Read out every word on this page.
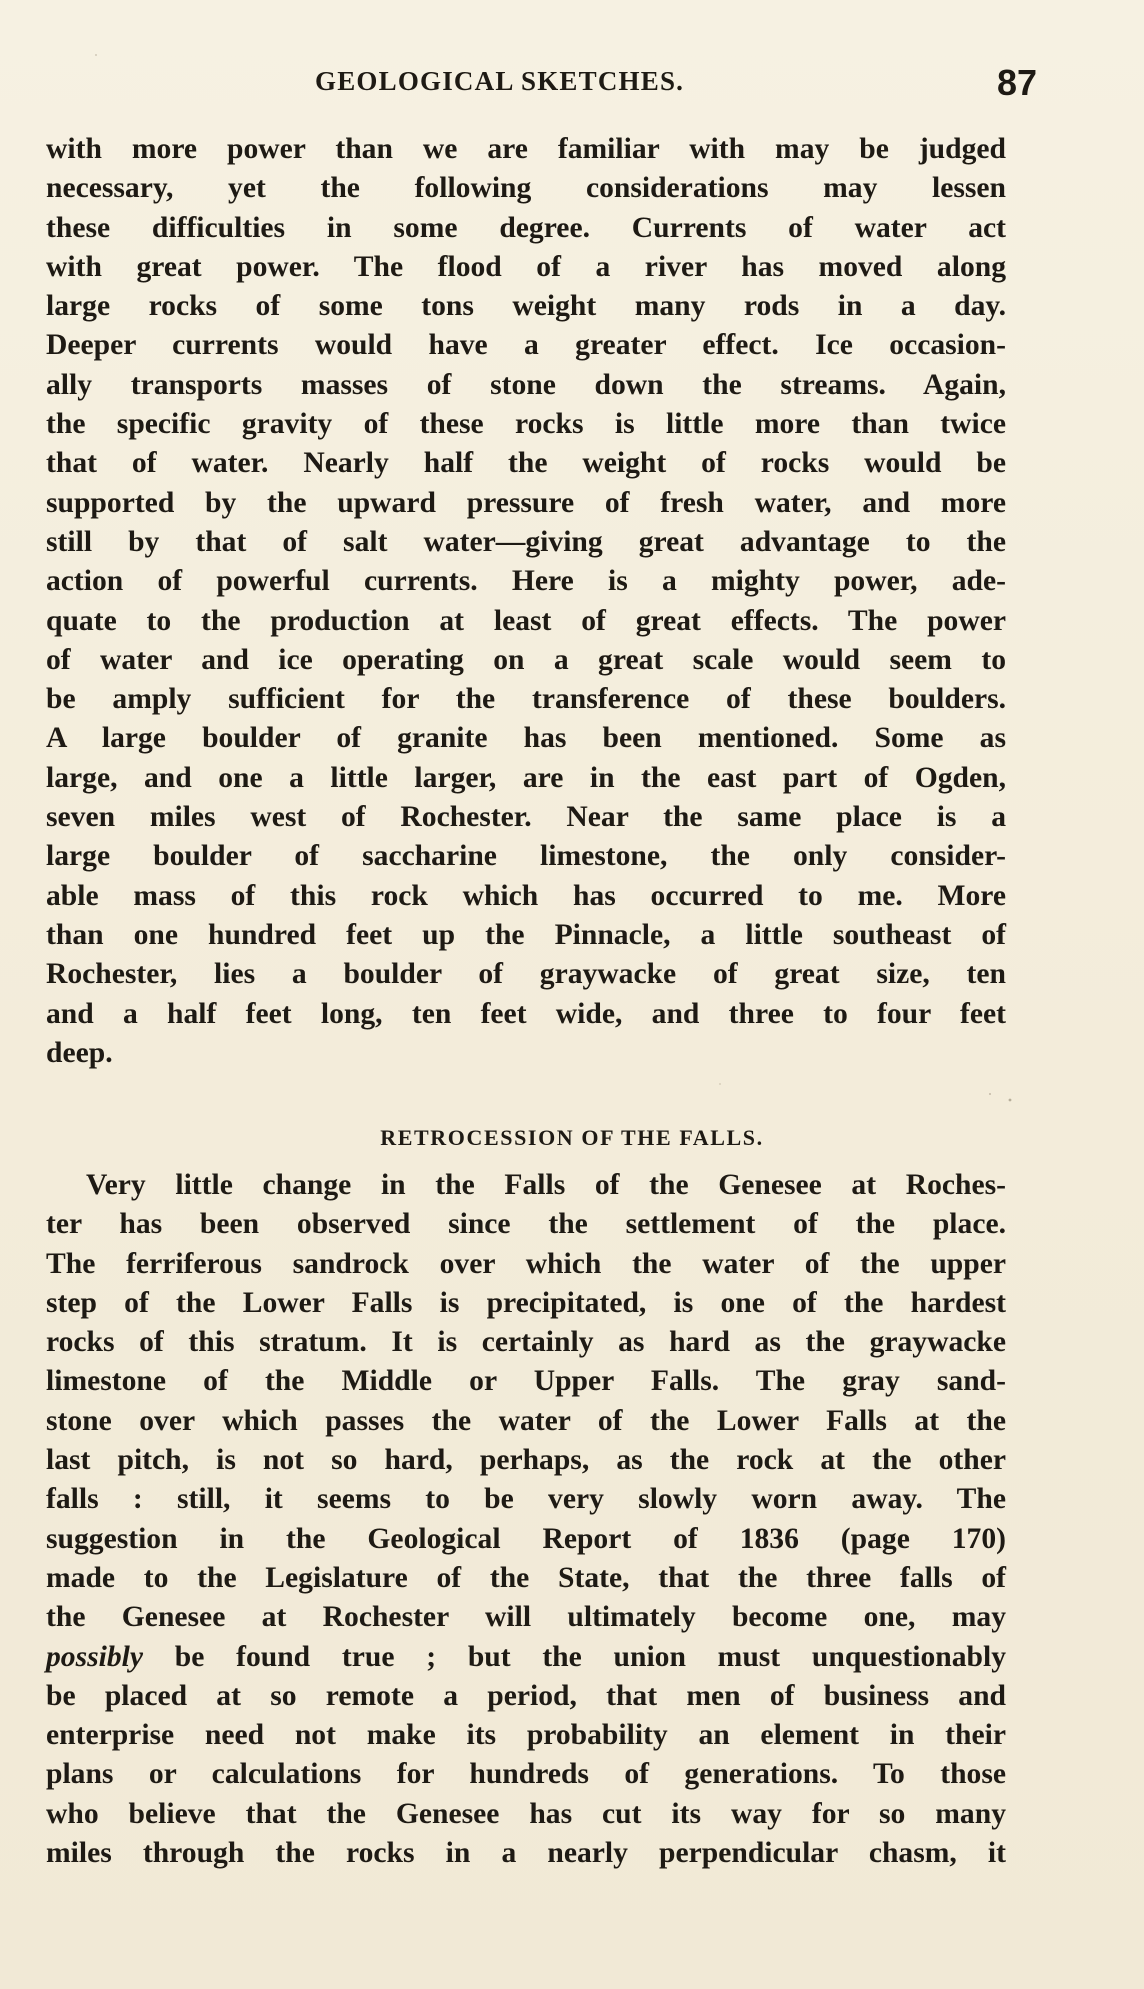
GEOLOGICAL SKETCHES.	87
with more power than we are familiar with may be judged
necessary, yet the following considerations may lessen
these difficulties in some degree. Currents of water act
with great power. The flood of a river has moved along
large rocks of some tons weight many rods in a day.
Deeper currents would have a greater effect. Ice occasion-
ally transports masses of stone down the streams. Again,
the specific gravity of these rocks is little more than twice
that of water. Nearly half the weight of rocks would be
supported by the upward pressure of fresh water, and more
still by that of salt water—giving great advantage to the
action of powerful currents. Here is a mighty power, ade-
quate to the production at least of great effects. The power
of water and ice operating on a great scale would seem to
be amply sufficient for the transference of these boulders.
A large boulder of granite has been mentioned. Some as
large, and one a little larger, are in the east part of Ogden,
seven miles west of Rochester. Near the same place is a
large boulder of saccharine limestone, the only consider-
able mass of this rock which has occurred to me. More
than one hundred feet up the Pinnacle, a little southeast of
Rochester, lies a boulder of graywacke of great size, ten
and a half feet long, ten feet wide, and three to four feet
deep.
RETROCESSION OF THE FALLS.
Very little change in the Falls of the Genesee at Roches-
ter has been observed since the settlement of the place.
The ferriferous sandrock over which the water of the upper
step of the Lower Falls is precipitated, is one of the hardest
rocks of this stratum. It is certainly as hard as the graywacke
limestone of the Middle or Upper Falls. The gray sand-
stone over which passes the water of the Lower Falls at the
last pitch, is not so hard, perhaps, as the rock at the other
falls : still, it seems to be very slowly worn away. The
suggestion in the Geological Report of 1836 (page 170)
made to the Legislature of the State, that the three falls of
the Genesee at Rochester will ultimately become one, may
possibly be found true ; but the union must unquestionably
be placed at so remote a period, that men of business and
enterprise need not make its probability an element in their
plans or calculations for hundreds of generations. To those
who believe that the Genesee has cut its way for so many
miles through the rocks in a nearly perpendicular chasm, it
